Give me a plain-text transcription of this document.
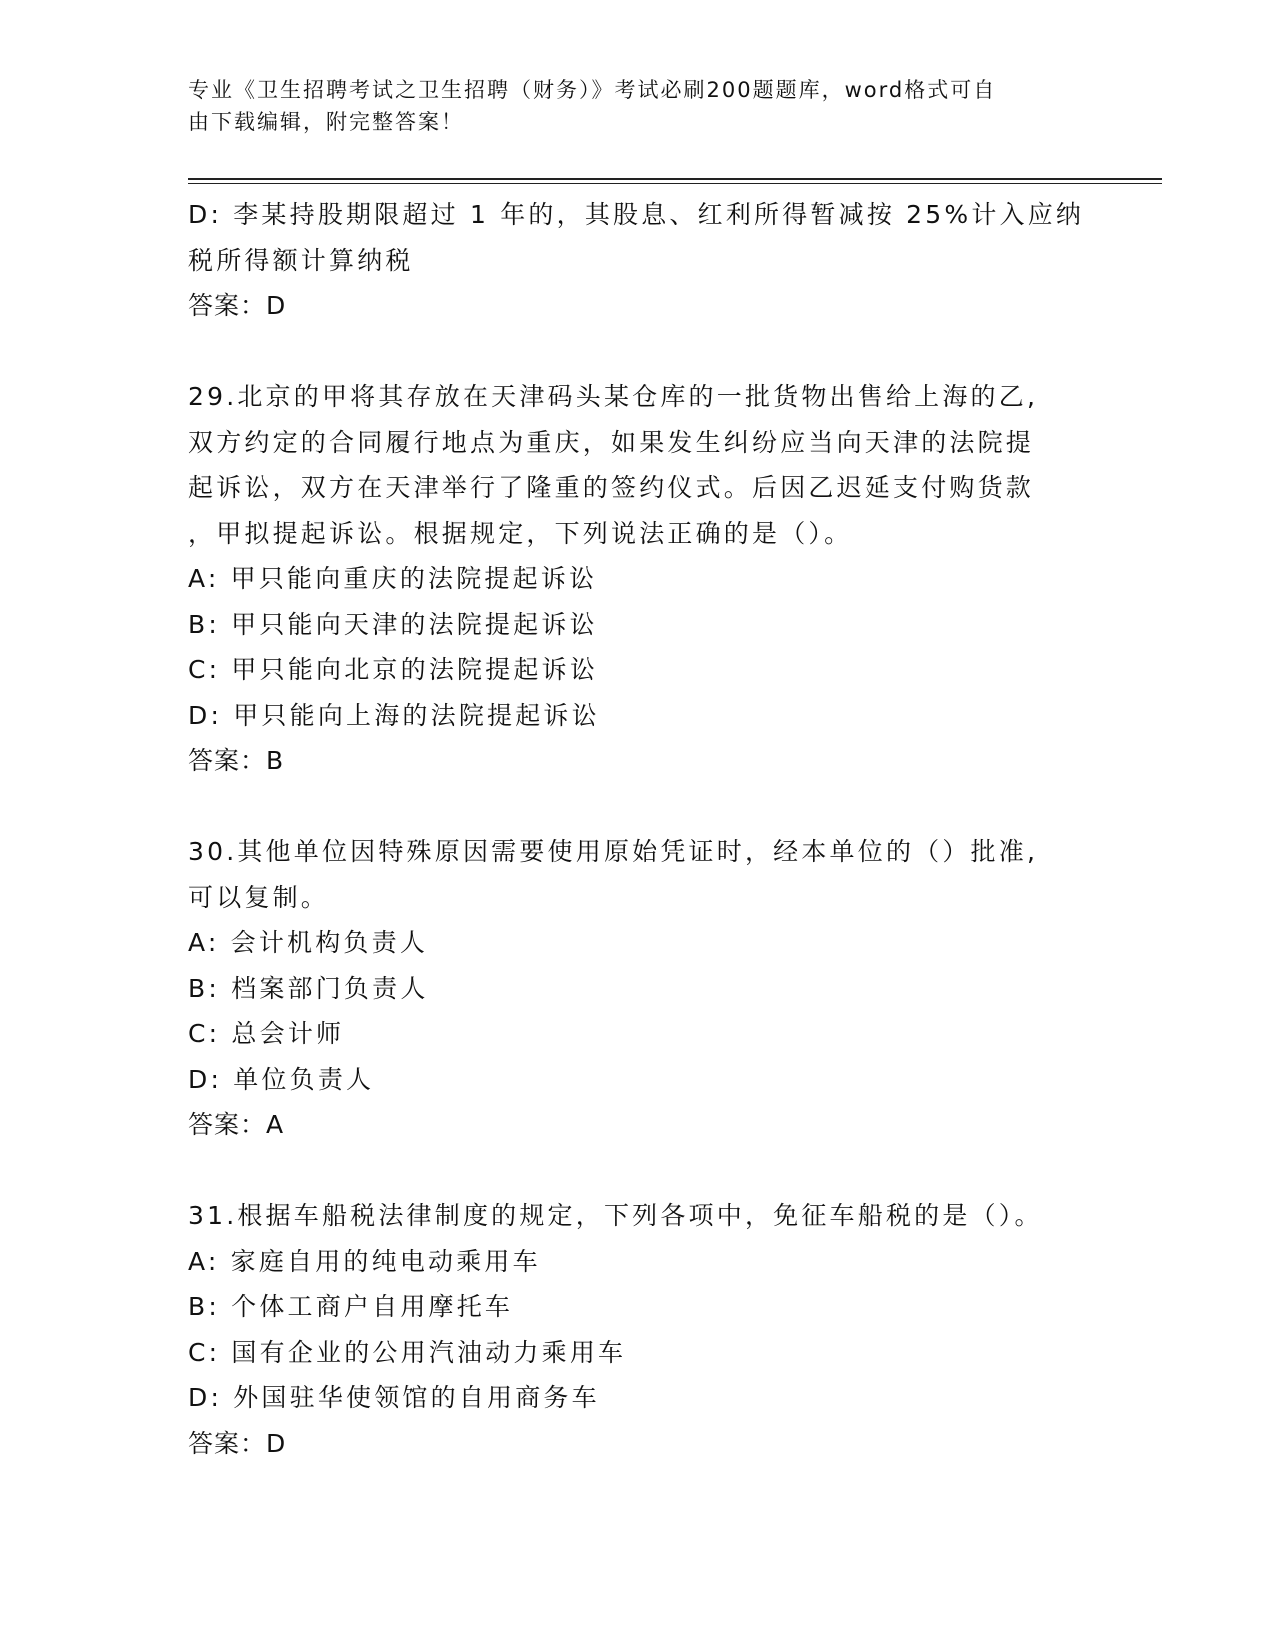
专业《卫生招聘考试之卫生招聘（财务）》考试必刷200题题库，word格式可自
由下载编辑，附完整答案！
D: 李某持股期限超过 1 年的，其股息、红利所得暂减按 25%计入应纳
税所得额计算纳税
答案：D
29.北京的甲将其存放在天津码头某仓库的一批货物出售给上海的乙,
双方约定的合同履行地点为重庆，如果发生纠纷应当向天津的法院提
起诉讼，双方在天津举行了隆重的签约仪式。后因乙迟延支付购货款
，甲拟提起诉讼。根据规定，下列说法正确的是（）。
A: 甲只能向重庆的法院提起诉讼
B: 甲只能向天津的法院提起诉讼
C: 甲只能向北京的法院提起诉讼
D: 甲只能向上海的法院提起诉讼
答案：B
30.其他单位因特殊原因需要使用原始凭证时，经本单位的（）批准,
可以复制。
A: 会计机构负责人
B: 档案部门负责人
C: 总会计师
D: 单位负责人
答案：A
31.根据车船税法律制度的规定，下列各项中，免征车船税的是（）。
A: 家庭自用的纯电动乘用车
B: 个体工商户自用摩托车
C: 国有企业的公用汽油动力乘用车
D: 外国驻华使领馆的自用商务车
答案：D
